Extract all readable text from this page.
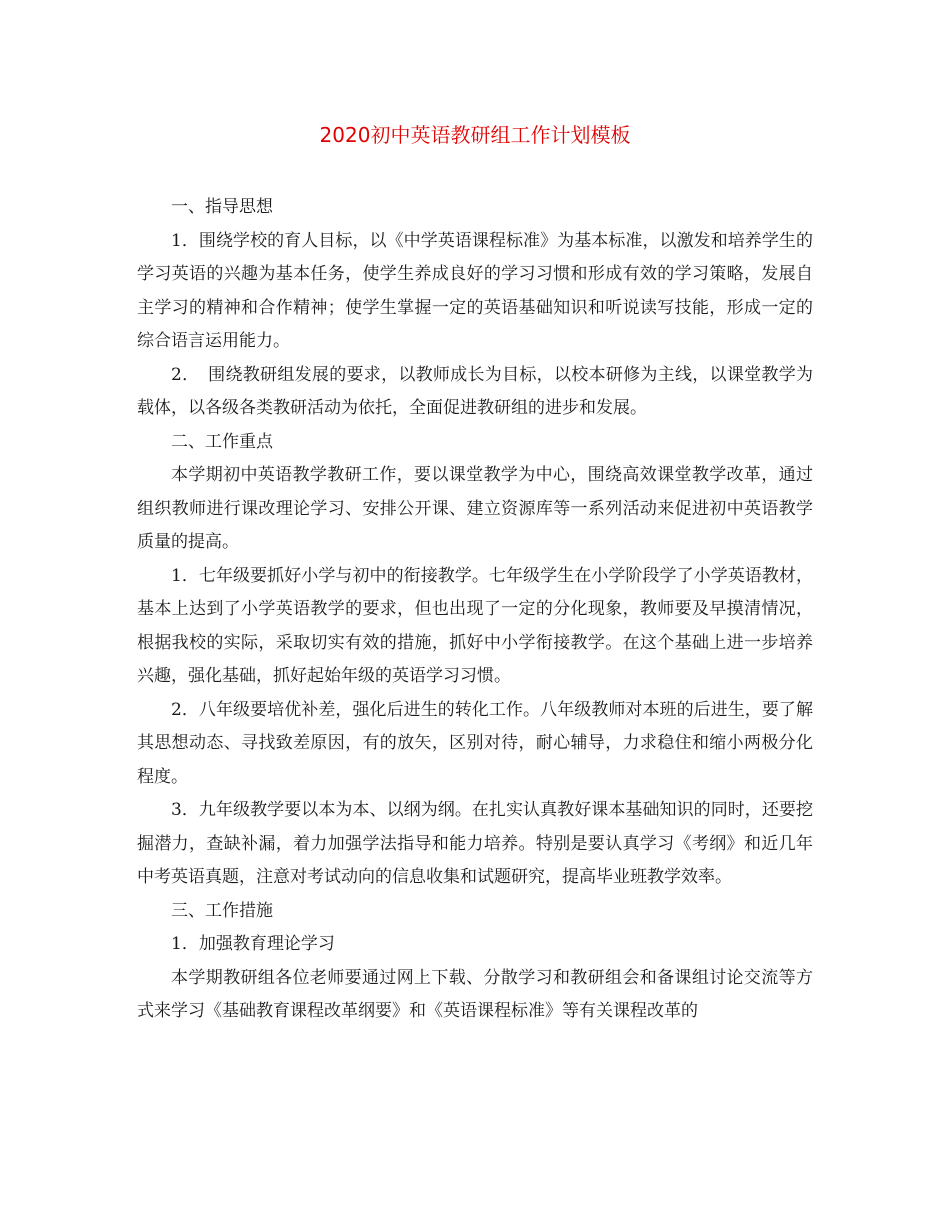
2020初中英语教研组工作计划模板

一、指导思想

1．围绕学校的育人目标，以《中学英语课程标准》为基本标准，以激发和培养学生的学习英语的兴趣为基本任务，使学生养成良好的学习习惯和形成有效的学习策略，发展自主学习的精神和合作精神；使学生掌握一定的英语基础知识和听说读写技能，形成一定的综合语言运用能力。

2．　围绕教研组发展的要求，以教师成长为目标，以校本研修为主线，以课堂教学为载体，以各级各类教研活动为依托，全面促进教研组的进步和发展。

二、工作重点

本学期初中英语教学教研工作，要以课堂教学为中心，围绕高效课堂教学改革，通过组织教师进行课改理论学习、安排公开课、建立资源库等一系列活动来促进初中英语教学质量的提高。

1．七年级要抓好小学与初中的衔接教学。七年级学生在小学阶段学了小学英语教材，基本上达到了小学英语教学的要求，但也出现了一定的分化现象，教师要及早摸清情况，根据我校的实际，采取切实有效的措施，抓好中小学衔接教学。在这个基础上进一步培养兴趣，强化基础，抓好起始年级的英语学习习惯。

2．八年级要培优补差，强化后进生的转化工作。八年级教师对本班的后进生，要了解其思想动态、寻找致差原因，有的放矢，区别对待，耐心辅导，力求稳住和缩小两极分化程度。

3．九年级教学要以本为本、以纲为纲。在扎实认真教好课本基础知识的同时，还要挖掘潜力，查缺补漏，着力加强学法指导和能力培养。特别是要认真学习《考纲》和近几年中考英语真题，注意对考试动向的信息收集和试题研究，提高毕业班教学效率。

三、工作措施

1．加强教育理论学习

本学期教研组各位老师要通过网上下载、分散学习和教研组会和备课组讨论交流等方式来学习《基础教育课程改革纲要》和《英语课程标准》等有关课程改革的
